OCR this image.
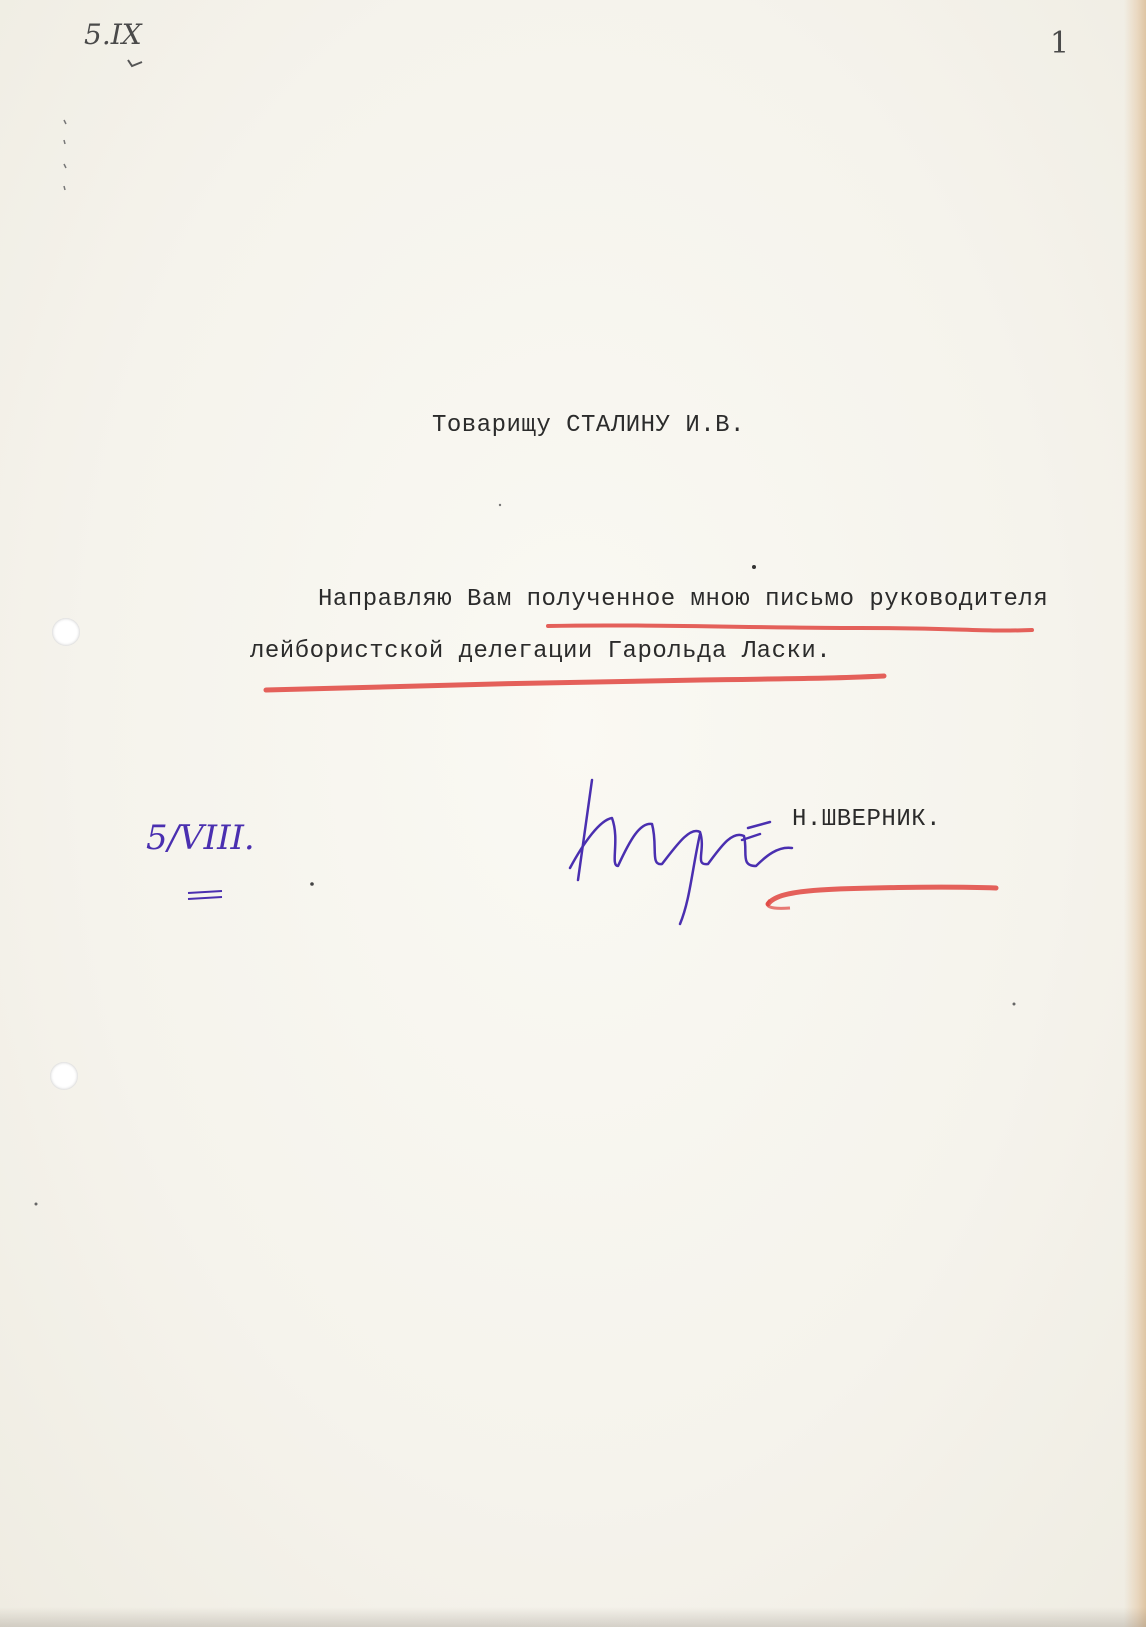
5.IX	1
Товарищу СТАЛИНУ И.В.
Направляю Вам полученное мною письмо руководителя
лейбористской делегации Гарольда Ласки.
Н.ШВЕРНИК.
5/VIII.
